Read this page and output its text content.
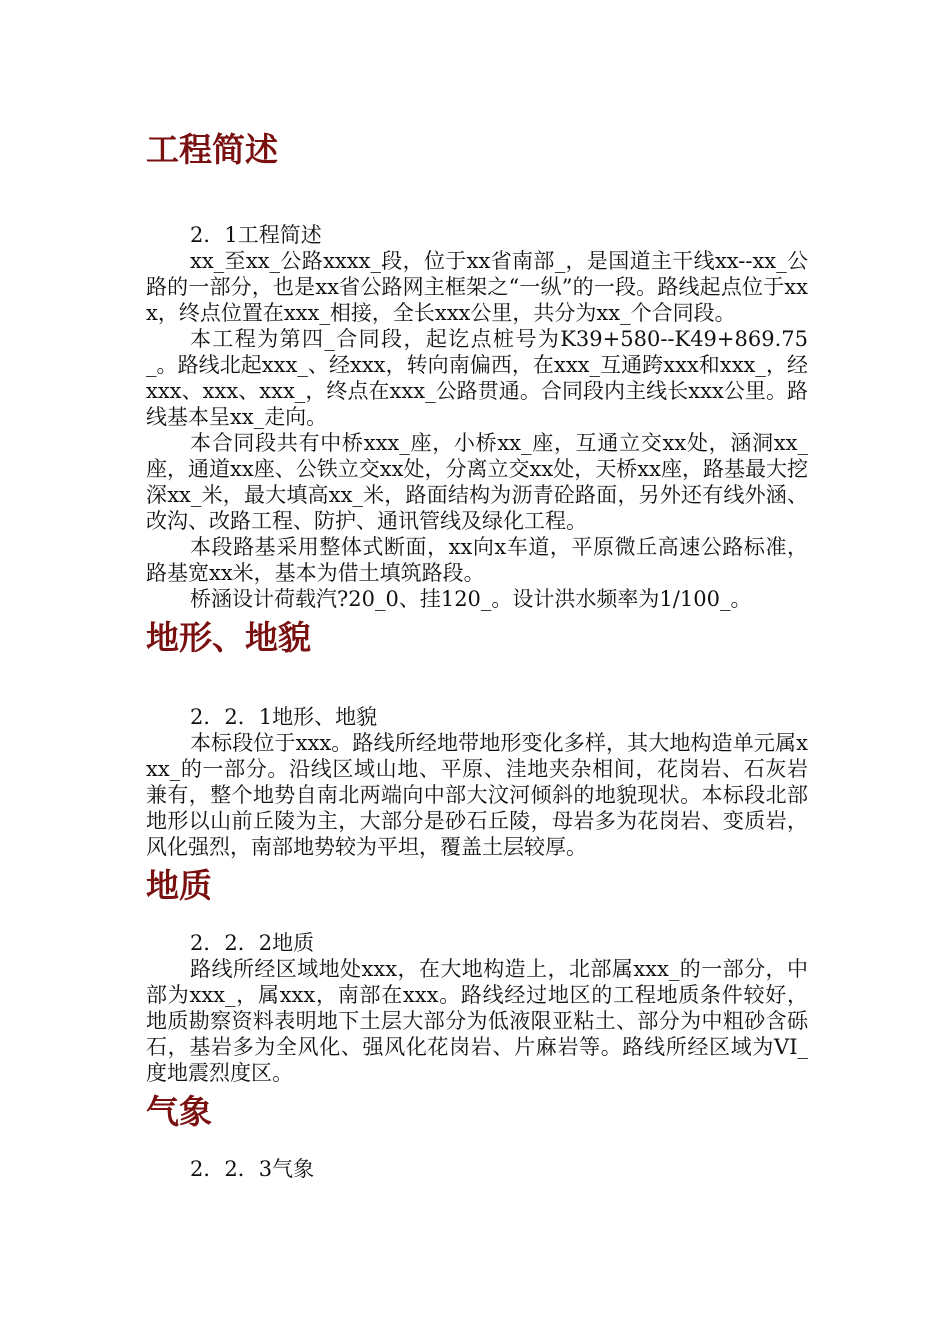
工程简述

2．1工程简述

xx_至xx_公路xxxx_段，位于xx省南部_，是国道主干线xx--xx_公路的一部分，也是xx省公路网主框架之“一纵”的一段。路线起点位于xxx，终点位置在xxx_相接，全长xxx公里，共分为xx_个合同段。

本工程为第四_合同段，起讫点桩号为K39+580--K49+869.75_。路线北起xxx_、经xxx，转向南偏西，在xxx_互通跨xxx和xxx_，经xxx、xxx、xxx_，终点在xxx_公路贯通。合同段内主线长xxx公里。路线基本呈xx_走向。

本合同段共有中桥xxx_座，小桥xx_座，互通立交xx处，涵洞xx_座，通道xx座、公铁立交xx处，分离立交xx处，天桥xx座，路基最大挖深xx_米，最大填高xx_米，路面结构为沥青砼路面，另外还有线外涵、改沟、改路工程、防护、通讯管线及绿化工程。

本段路基采用整体式断面，xx向x车道，平原微丘高速公路标准，路基宽xx米，基本为借土填筑路段。

桥涵设计荷载汽?20_0、挂120_。设计洪水频率为1/100_。

地形、地貌

2．2．1地形、地貌

本标段位于xxx。路线所经地带地形变化多样，其大地构造单元属xxx_的一部分。沿线区域山地、平原、洼地夹杂相间，花岗岩、石灰岩兼有，整个地势自南北两端向中部大汶河倾斜的地貌现状。本标段北部地形以山前丘陵为主，大部分是砂石丘陵，母岩多为花岗岩、变质岩，风化强烈，南部地势较为平坦，覆盖土层较厚。

地质

2．2．2地质

路线所经区域地处xxx，在大地构造上，北部属xxx_的一部分，中部为xxx_，属xxx，南部在xxx。路线经过地区的工程地质条件较好，地质勘察资料表明地下土层大部分为低液限亚粘土、部分为中粗砂含砾石，基岩多为全风化、强风化花岗岩、片麻岩等。路线所经区域为VI_度地震烈度区。

气象

2．2．3气象
